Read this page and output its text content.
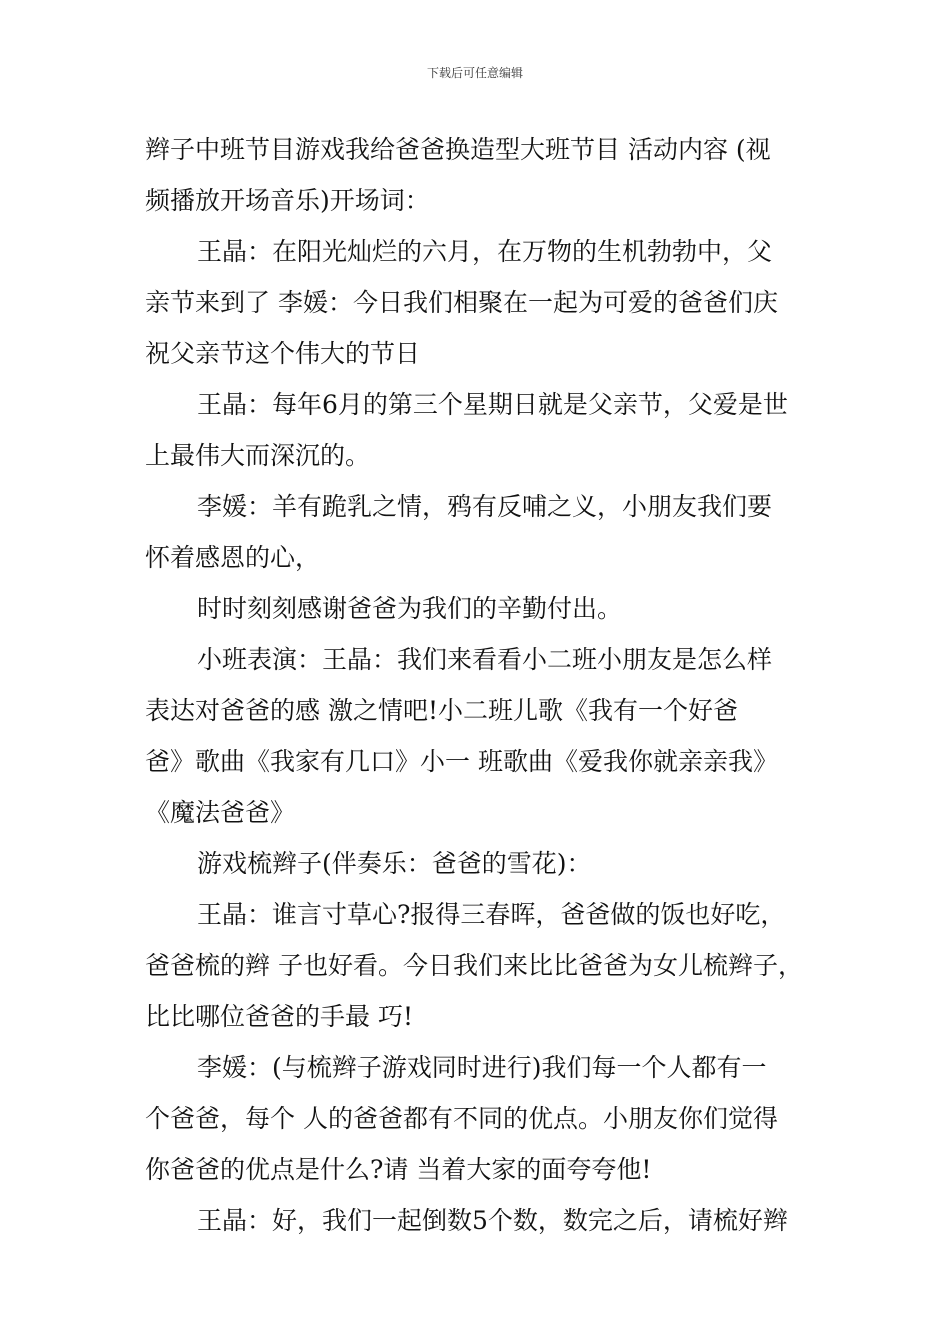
下载后可任意编辑
辫子中班节目游戏我给爸爸换造型大班节目 活动内容 (视
频播放开场音乐)开场词：
王晶：在阳光灿烂的六月，在万物的生机勃勃中，父
亲节来到了 李媛：今日我们相聚在一起为可爱的爸爸们庆
祝父亲节这个伟大的节日
王晶：每年6月的第三个星期日就是父亲节，父爱是世
上最伟大而深沉的。
李媛：羊有跪乳之情，鸦有反哺之义，小朋友我们要
怀着感恩的心，
时时刻刻感谢爸爸为我们的辛勤付出。
小班表演：王晶：我们来看看小二班小朋友是怎么样
表达对爸爸的感 激之情吧!小二班儿歌《我有一个好爸
爸》歌曲《我家有几口》小一 班歌曲《爱我你就亲亲我》
《魔法爸爸》
游戏梳辫子(伴奏乐：爸爸的雪花)：
王晶：谁言寸草心?报得三春晖，爸爸做的饭也好吃，
爸爸梳的辫 子也好看。今日我们来比比爸爸为女儿梳辫子，
比比哪位爸爸的手最 巧!
李媛：(与梳辫子游戏同时进行)我们每一个人都有一
个爸爸，每个 人的爸爸都有不同的优点。小朋友你们觉得
你爸爸的优点是什么?请 当着大家的面夸夸他!
王晶：好，我们一起倒数5个数，数完之后，请梳好辫
